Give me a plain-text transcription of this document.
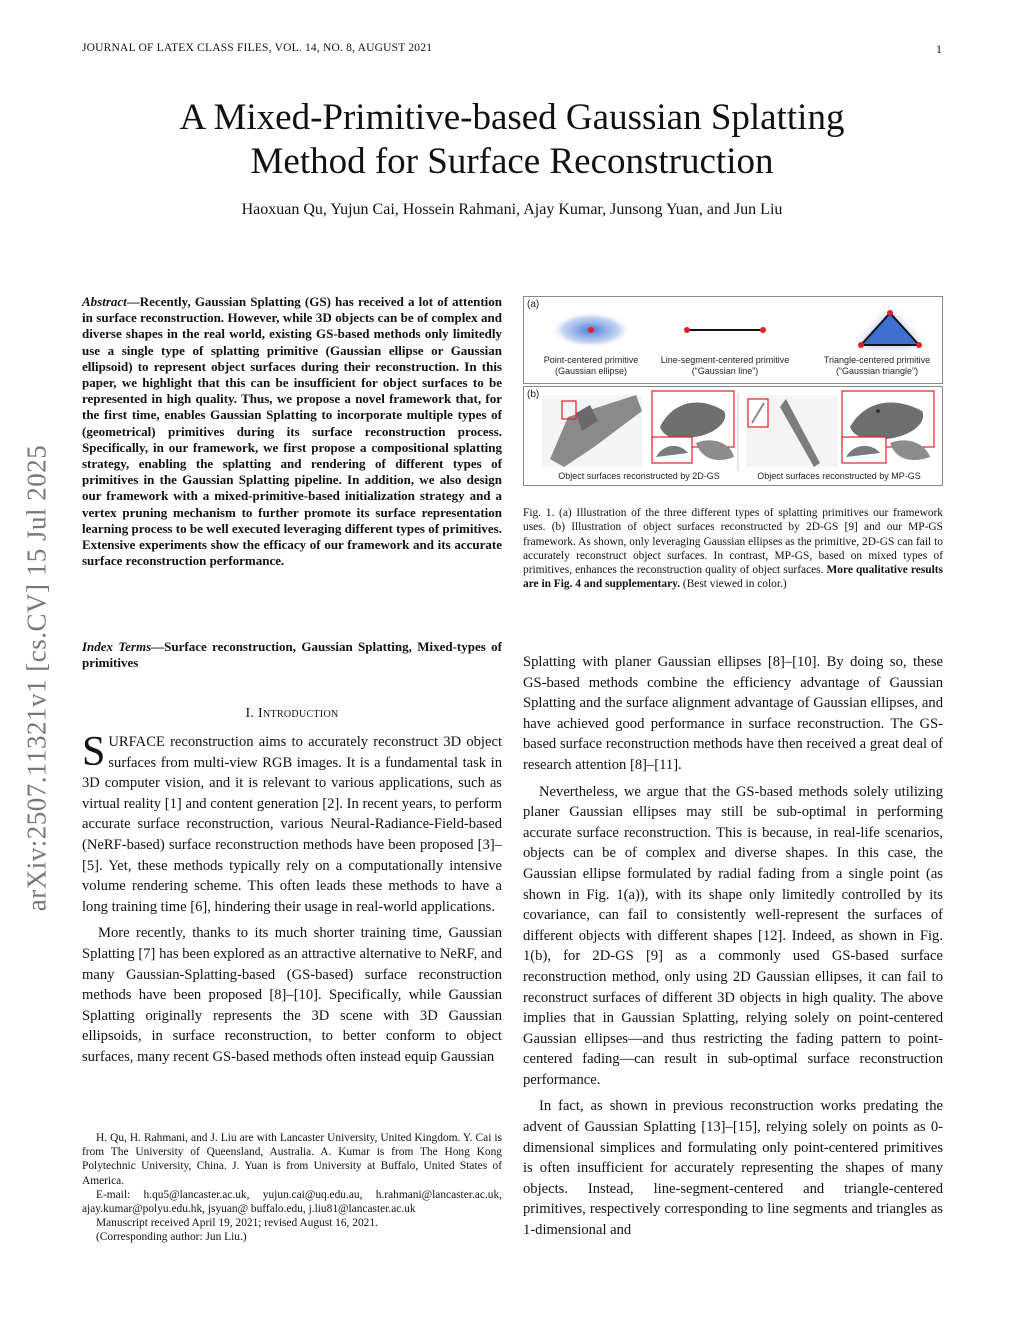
JOURNAL OF LATEX CLASS FILES, VOL. 14, NO. 8, AUGUST 2021	1
A Mixed-Primitive-based Gaussian Splatting
Method for Surface Reconstruction
Haoxuan Qu, Yujun Cai, Hossein Rahmani, Ajay Kumar, Junsong Yuan, and Jun Liu
arXiv:2507.11321v1 [cs.CV] 15 Jul 2025
Abstract—Recently, Gaussian Splatting (GS) has received a lot of attention in surface reconstruction. However, while 3D objects can be of complex and diverse shapes in the real world, existing GS-based methods only limitedly use a single type of splatting primitive (Gaussian ellipse or Gaussian ellipsoid) to represent object surfaces during their reconstruction. In this paper, we highlight that this can be insufficient for object surfaces to be represented in high quality. Thus, we propose a novel framework that, for the first time, enables Gaussian Splatting to incorporate multiple types of (geometrical) primitives during its surface reconstruction process. Specifically, in our framework, we first propose a compositional splatting strategy, enabling the splatting and rendering of different types of primitives in the Gaussian Splatting pipeline. In addition, we also design our framework with a mixed-primitive-based initialization strategy and a vertex pruning mechanism to further promote its surface representation learning process to be well executed leveraging different types of primitives. Extensive experiments show the efficacy of our framework and its accurate surface reconstruction performance.
Index Terms—Surface reconstruction, Gaussian Splatting, Mixed-types of primitives
I. Introduction

SURFACE reconstruction aims to accurately reconstruct 3D object surfaces from multi-view RGB images. It is a fundamental task in 3D computer vision, and it is relevant to various applications, such as virtual reality [1] and content generation [2]. In recent years, to perform accurate surface reconstruction, various Neural-Radiance-Field-based (NeRF-based) surface reconstruction methods have been proposed [3]–[5]. Yet, these methods typically rely on a computationally intensive volume rendering scheme. This often leads these methods to have a long training time [6], hindering their usage in real-world applications.

More recently, thanks to its much shorter training time, Gaussian Splatting [7] has been explored as an attractive alternative to NeRF, and many Gaussian-Splatting-based (GS-based) surface reconstruction methods have been proposed [8]–[10]. Specifically, while Gaussian Splatting originally represents the 3D scene with 3D Gaussian ellipsoids, in surface reconstruction, to better conform to object surfaces, many recent GS-based methods often instead equip Gaussian

H. Qu, H. Rahmani, and J. Liu are with Lancaster University, United Kingdom. Y. Cai is from The University of Queensland, Australia. A. Kumar is from The Hong Kong Polytechnic University, China. J. Yuan is from University at Buffalo, United States of America.
E-mail: h.qu5@lancaster.ac.uk, yujun.cai@uq.edu.au, h.rahmani@lancaster.ac.uk, ajay.kumar@polyu.edu.hk, jsyuan@ buffalo.edu, j.liu81@lancaster.ac.uk
Manuscript received April 19, 2021; revised August 16, 2021.
(Corresponding author: Jun Liu.)
(a)
Point-centered primitive
(Gaussian ellipse)
Line-segment-centered primitive
(“Gaussian line”)
Triangle-centered primitive
(“Gaussian triangle”)
(b)
Object surfaces reconstructed by 2D-GS	Object surfaces reconstructed by MP-GS
Fig. 1. (a) Illustration of the three different types of splatting primitives our framework uses. (b) Illustration of object surfaces reconstructed by 2D-GS [9] and our MP-GS framework. As shown, only leveraging Gaussian ellipses as the primitive, 2D-GS can fail to accurately reconstruct object surfaces. In contrast, MP-GS, based on mixed types of primitives, enhances the reconstruction quality of object surfaces. More qualitative results are in Fig. 4 and supplementary. (Best viewed in color.)

Splatting with planer Gaussian ellipses [8]–[10]. By doing so, these GS-based methods combine the efficiency advantage of Gaussian Splatting and the surface alignment advantage of Gaussian ellipses, and have achieved good performance in surface reconstruction. The GS-based surface reconstruction methods have then received a great deal of research attention [8]–[11].

Nevertheless, we argue that the GS-based methods solely utilizing planer Gaussian ellipses may still be sub-optimal in performing accurate surface reconstruction. This is because, in real-life scenarios, objects can be of complex and diverse shapes. In this case, the Gaussian ellipse formulated by radial fading from a single point (as shown in Fig. 1(a)), with its shape only limitedly controlled by its covariance, can fail to consistently well-represent the surfaces of different objects with different shapes [12]. Indeed, as shown in Fig. 1(b), for 2D-GS [9] as a commonly used GS-based surface reconstruction method, only using 2D Gaussian ellipses, it can fail to reconstruct surfaces of different 3D objects in high quality. The above implies that in Gaussian Splatting, relying solely on point-centered Gaussian ellipses—and thus restricting the fading pattern to point-centered fading—can result in sub-optimal surface reconstruction performance.

In fact, as shown in previous reconstruction works predating the advent of Gaussian Splatting [13]–[15], relying solely on points as 0-dimensional simplices and formulating only point-centered primitives is often insufficient for accurately representing the shapes of many objects. Instead, line-segment-centered and triangle-centered primitives, respectively corresponding to line segments and triangles as 1-dimensional and
